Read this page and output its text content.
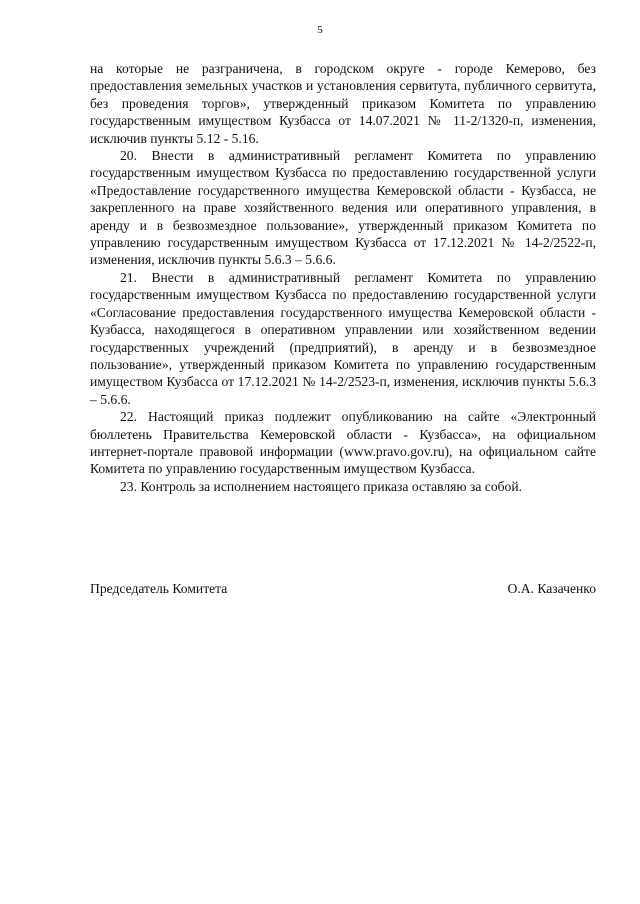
5

на которые не разграничена, в городском округе - городе Кемерово, без предоставления земельных участков и установления сервитута, публичного сервитута, без проведения торгов», утвержденный приказом Комитета по управлению государственным имуществом Кузбасса от 14.07.2021 № 11-2/1320-п, изменения, исключив пункты 5.12 - 5.16.

20. Внести в административный регламент Комитета по управлению государственным имуществом Кузбасса по предоставлению государственной услуги «Предоставление государственного имущества Кемеровской области - Кузбасса, не закрепленного на праве хозяйственного ведения или оперативного управления, в аренду и в безвозмездное пользование», утвержденный приказом Комитета по управлению государственным имуществом Кузбасса от 17.12.2021 № 14-2/2522-п, изменения, исключив пункты 5.6.3 – 5.6.6.

21. Внести в административный регламент Комитета по управлению государственным имуществом Кузбасса по предоставлению государственной услуги «Согласование предоставления государственного имущества Кемеровской области - Кузбасса, находящегося в оперативном управлении или хозяйственном ведении государственных учреждений (предприятий), в аренду и в безвозмездное пользование», утвержденный приказом Комитета по управлению государственным имуществом Кузбасса от 17.12.2021 № 14-2/2523-п, изменения, исключив пункты 5.6.3 – 5.6.6.

22. Настоящий приказ подлежит опубликованию на сайте «Электронный бюллетень Правительства Кемеровской области - Кузбасса», на официальном интернет-портале правовой информации (www.pravo.gov.ru), на официальном сайте Комитета по управлению государственным имуществом Кузбасса.

23. Контроль за исполнением настоящего приказа оставляю за собой.

Председатель Комитета	О.А. Казаченко
